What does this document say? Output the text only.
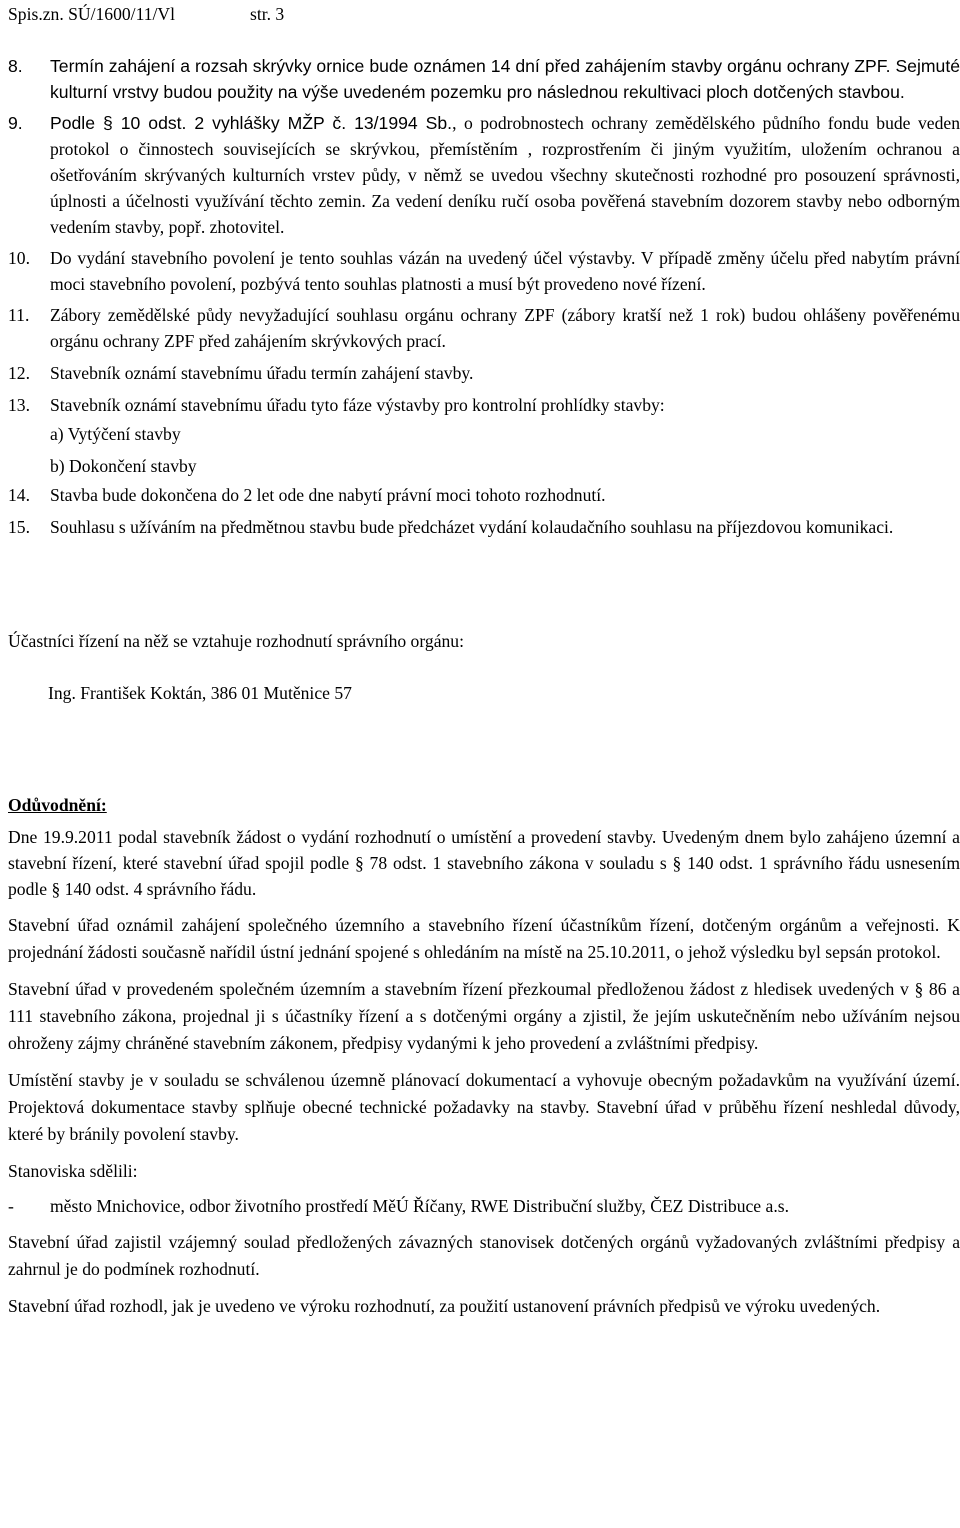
Spis.zn. SÚ/1600/11/Vl	str. 3
8.	Termín zahájení a rozsah skrývky ornice bude oznámen 14 dní před zahájením stavby orgánu ochrany ZPF. Sejmuté kulturní vrstvy budou použity na výše uvedeném pozemku pro následnou rekultivaci ploch dotčených stavbou.
9.	Podle § 10 odst. 2 vyhlášky MŽP č. 13/1994 Sb., o podrobnostech ochrany zemědělského půdního fondu bude veden protokol o činnostech souvisejících se skrývkou, přemístěním , rozprostřením či jiným využitím, uložením ochranou a ošetřováním skrývaných kulturních vrstev půdy, v němž se uvedou všechny skutečnosti rozhodné pro posouzení správnosti, úplnosti a účelnosti využívání těchto zemin. Za vedení deníku ručí osoba pověřená stavebním dozorem stavby nebo odborným vedením stavby, popř. zhotovitel.
10.	Do vydání stavebního povolení je tento souhlas vázán na uvedený účel výstavby. V případě změny účelu před nabytím právní moci stavebního povolení, pozbývá tento souhlas platnosti a musí být provedeno nové řízení.
11.	Zábory zemědělské půdy nevyžadující souhlasu orgánu ochrany ZPF (zábory kratší než 1 rok) budou ohlášeny pověřenému orgánu ochrany ZPF před zahájením skrývkových prací.
12.	Stavebník oznámí stavebnímu úřadu termín zahájení stavby.
13.	Stavebník oznámí stavebnímu úřadu tyto fáze výstavby pro kontrolní prohlídky stavby:
a) Vytýčení stavby
b) Dokončení stavby
14.	Stavba bude dokončena do 2 let ode dne nabytí právní moci tohoto rozhodnutí.
15.	Souhlasu s užíváním na předmětnou stavbu bude předcházet vydání kolaudačního souhlasu na příjezdovou komunikaci.

Účastníci řízení na něž se vztahuje rozhodnutí správního orgánu:

Ing. František Koktán, 386 01 Mutěnice 57

Odůvodnění:

Dne 19.9.2011 podal stavebník žádost o vydání rozhodnutí o umístění a provedení stavby. Uvedeným dnem bylo zahájeno územní a stavební řízení, které stavební úřad spojil podle § 78 odst. 1 stavebního zákona v souladu s § 140 odst. 1 správního řádu usnesením podle § 140 odst. 4 správního řádu.

Stavební úřad oznámil zahájení společného územního a stavebního řízení účastníkům řízení, dotčeným orgánům a veřejnosti. K projednání žádosti současně nařídil ústní jednání spojené s ohledáním na místě na 25.10.2011, o jehož výsledku byl sepsán protokol.

Stavební úřad v provedeném společném územním a stavebním řízení přezkoumal předloženou žádost z hledisek uvedených v § 86 a 111 stavebního zákona, projednal ji s účastníky řízení a s dotčenými orgány a zjistil, že jejím uskutečněním nebo užíváním nejsou ohroženy zájmy chráněné stavebním zákonem, předpisy vydanými k jeho provedení a zvláštními předpisy.

Umístění stavby je v souladu se schválenou územně plánovací dokumentací a vyhovuje obecným požadavkům na využívání území. Projektová dokumentace stavby splňuje obecné technické požadavky na stavby. Stavební úřad v průběhu řízení neshledal důvody, které by bránily povolení stavby.

Stanoviska sdělili:

-	město Mnichovice, odbor životního prostředí MěÚ Říčany, RWE Distribuční služby, ČEZ Distribuce a.s.

Stavební úřad zajistil vzájemný soulad předložených závazných stanovisek dotčených orgánů vyžadovaných zvláštními předpisy a zahrnul je do podmínek rozhodnutí.

Stavební úřad rozhodl, jak je uvedeno ve výroku rozhodnutí, za použití ustanovení právních předpisů ve výroku uvedených.
